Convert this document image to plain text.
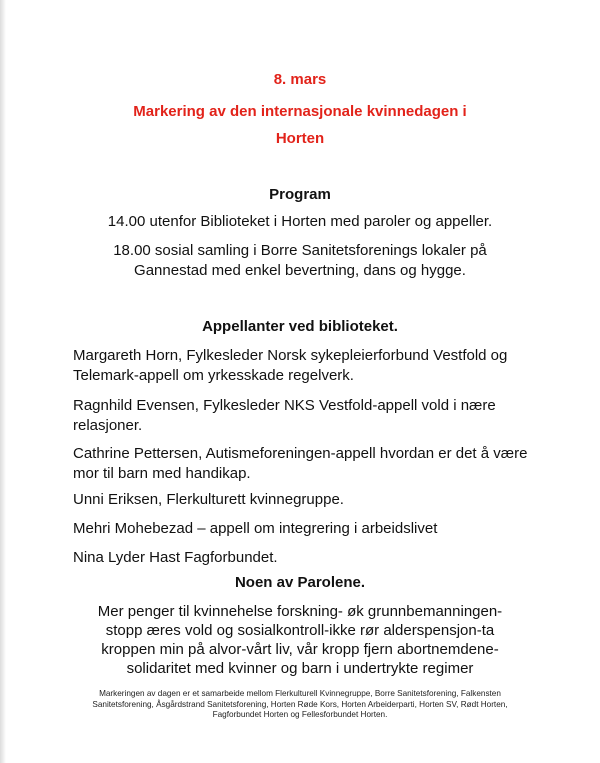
8. mars
Markering av den internasjonale kvinnedagen i
Horten
Program
14.00 utenfor Biblioteket i Horten med paroler og appeller.
18.00 sosial samling i Borre Sanitetsforenings lokaler på Gannestad med enkel bevertning, dans og hygge.
Appellanter ved biblioteket.
Margareth Horn, Fylkesleder Norsk sykepleierforbund Vestfold og Telemark-appell om yrkesskade regelverk.
Ragnhild Evensen, Fylkesleder NKS Vestfold-appell vold i nære relasjoner.
Cathrine Pettersen, Autismeforeningen-appell hvordan er det å være mor til barn med handikap.
Unni Eriksen, Flerkulturett kvinnegruppe.
Mehri Mohebezad – appell om integrering i arbeidslivet
Nina Lyder Hast Fagforbundet.
Noen av Parolene.
Mer penger til kvinnehelse forskning- øk grunnbemanningen- stopp æres vold og sosialkontroll-ikke rør alderspensjon-ta kroppen min på alvor-vårt liv, vår kropp fjern abortnemdene- solidaritet med kvinner og barn i undertrykte regimer
Markeringen av dagen er et samarbeide mellom Flerkulturell Kvinnegruppe, Borre Sanitetsforening, Falkensten Sanitetsforening, Åsgårdstrand Sanitetsforening, Horten Røde Kors, Horten Arbeiderparti, Horten SV, Rødt Horten, Fagforbundet Horten og Fellesforbundet Horten.
